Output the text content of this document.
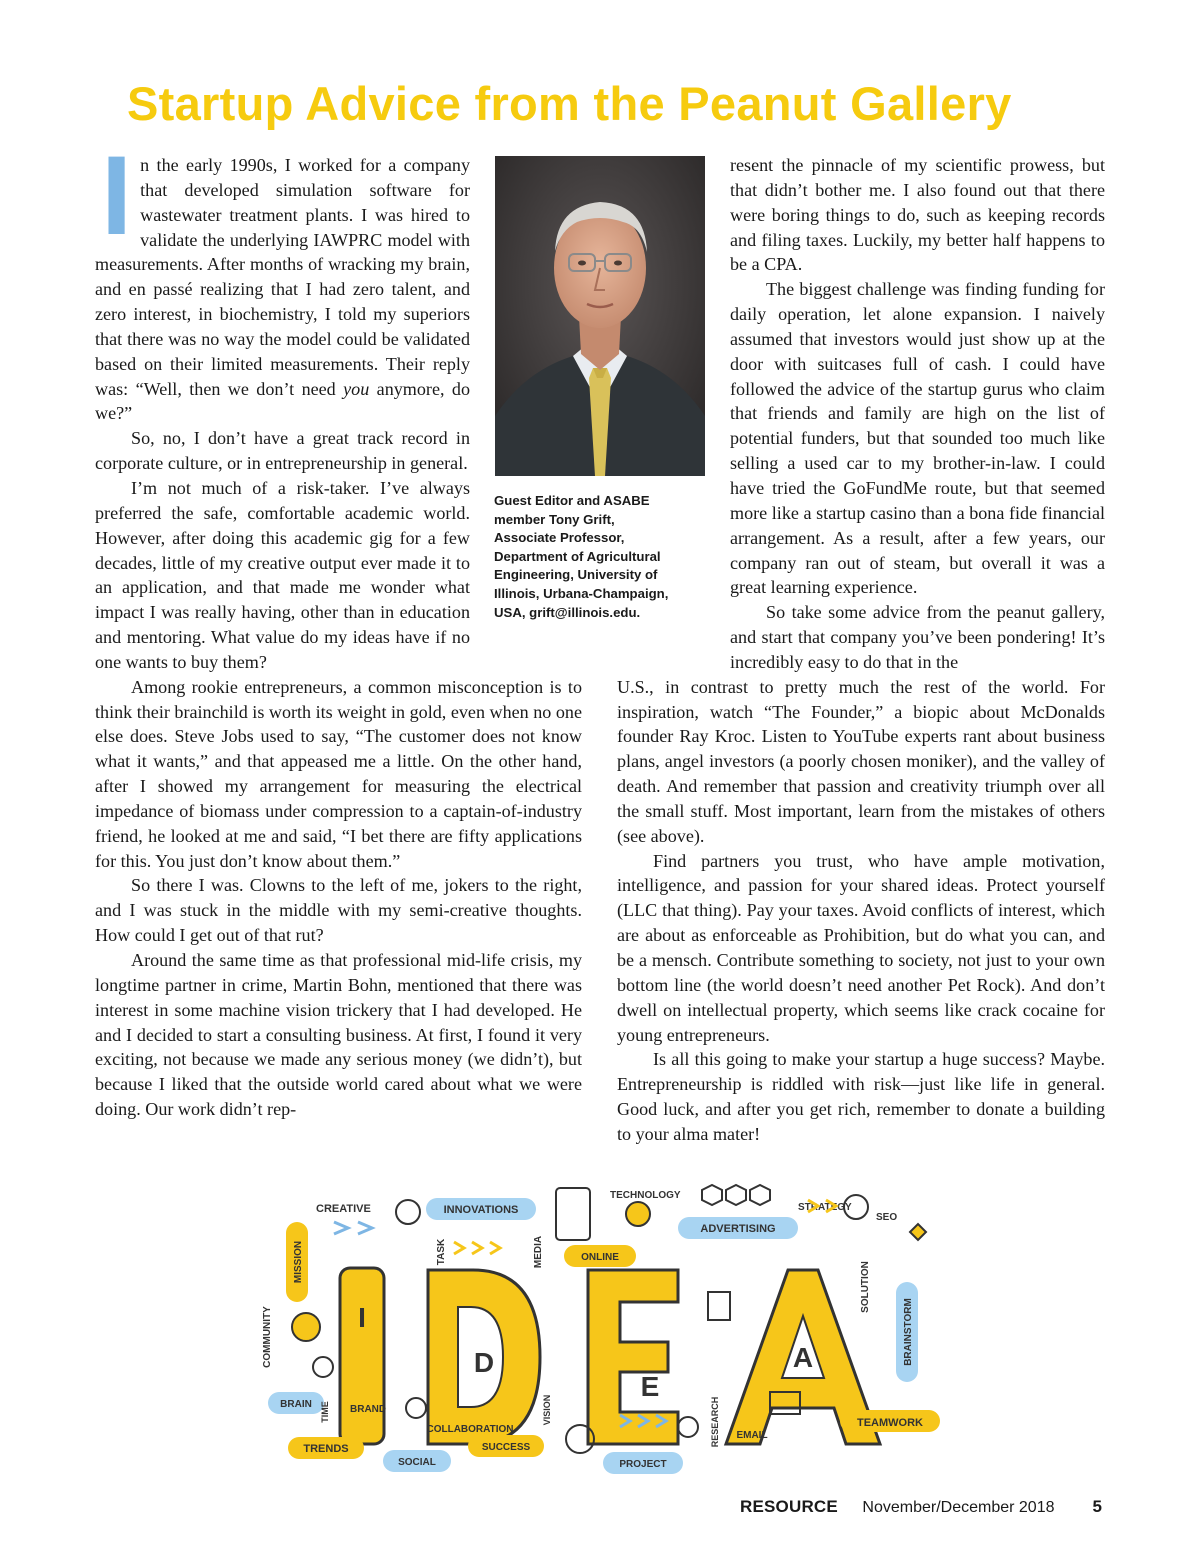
Startup Advice from the Peanut Gallery

In the early 1990s, I worked for a company that developed simulation software for wastewater treatment plants. I was hired to validate the underlying IAWPRC model with measurements. After months of wracking my brain, and en passé realizing that I had zero talent, and zero interest, in biochemistry, I told my superiors that there was no way the model could be validated based on their limited measurements. Their reply was: “Well, then we don’t need you anymore, do we?”

So, no, I don’t have a great track record in corporate culture, or in entrepreneurship in general.

I’m not much of a risk-taker. I’ve always preferred the safe, comfortable academic world. However, after doing this academic gig for a few decades, little of my creative output ever made it to an application, and that made me wonder what impact I was really having, other than in education and mentoring. What value do my ideas have if no one wants to buy them?

Among rookie entrepreneurs, a common misconception is to think their brainchild is worth its weight in gold, even when no one else does. Steve Jobs used to say, “The customer does not know what it wants,” and that appeased me a little. On the other hand, after I showed my arrangement for measuring the electrical impedance of biomass under compression to a captain-of-industry friend, he looked at me and said, “I bet there are fifty applications for this. You just don’t know about them.”

So there I was. Clowns to the left of me, jokers to the right, and I was stuck in the middle with my semi-creative thoughts. How could I get out of that rut?

Around the same time as that professional mid-life crisis, my longtime partner in crime, Martin Bohn, mentioned that there was interest in some machine vision trickery that I had developed. He and I decided to start a consulting business. At first, I found it very exciting, not because we made any serious money (we didn’t), but because I liked that the outside world cared about what we were doing. Our work didn’t rep-

Guest Editor and ASABE
member Tony Grift,
Associate Professor,
Department of Agricultural
Engineering, University of
Illinois, Urbana-Champaign,
USA, grift@illinois.edu.

resent the pinnacle of my scientific prowess, but that didn’t bother me. I also found out that there were boring things to do, such as keeping records and filing taxes. Luckily, my better half happens to be a CPA.

The biggest challenge was finding funding for daily operation, let alone expansion. I naively assumed that investors would just show up at the door with suitcases full of cash. I could have followed the advice of the startup gurus who claim that friends and family are high on the list of potential funders, but that sounded too much like selling a used car to my brother-in-law. I could have tried the GoFundMe route, but that seemed more like a startup casino than a bona fide financial arrangement. As a result, after a few years, our company ran out of steam, but overall it was a great learning experience.

So take some advice from the peanut gallery, and start that company you’ve been pondering! It’s incredibly easy to do that in the

U.S., in contrast to pretty much the rest of the world. For inspiration, watch “The Founder,” a biopic about McDonalds founder Ray Kroc. Listen to YouTube experts rant about business plans, angel investors (a poorly chosen moniker), and the valley of death. And remember that passion and creativity triumph over all the small stuff. Most important, learn from the mistakes of others (see above).

Find partners you trust, who have ample motivation, intelligence, and passion for your shared ideas. Protect yourself (LLC that thing). Pay your taxes. Avoid conflicts of interest, which are about as enforceable as Prohibition, but do what you can, and be a mensch. Contribute something to society, not just to your own bottom line (the world doesn’t need another Pet Rock). And don’t dwell on intellectual property, which seems like crack cocaine for young entrepreneurs.

Is all this going to make your startup a huge success? Maybe. Entrepreneurship is riddled with risk—just like life in general. Good luck, and after you get rich, remember to donate a building to your alma mater!

I
D
E
A
CREATIVE	INNOVATIONS
TECHNOLOGY
STRATEGY
SEO
MISSION	TASK	MEDIA
ADVERTISING
ONLINE
SOLUTION
COMMUNITY	BRAINSTORM
BRAIN	BRAND
TIME	VISION	RESEARCH
COLLABORATION
EMAIL
TEAMWORK
TRENDS	SUCCESS
SOCIAL	PROJECT
RESOURCE November/December 2018 5
